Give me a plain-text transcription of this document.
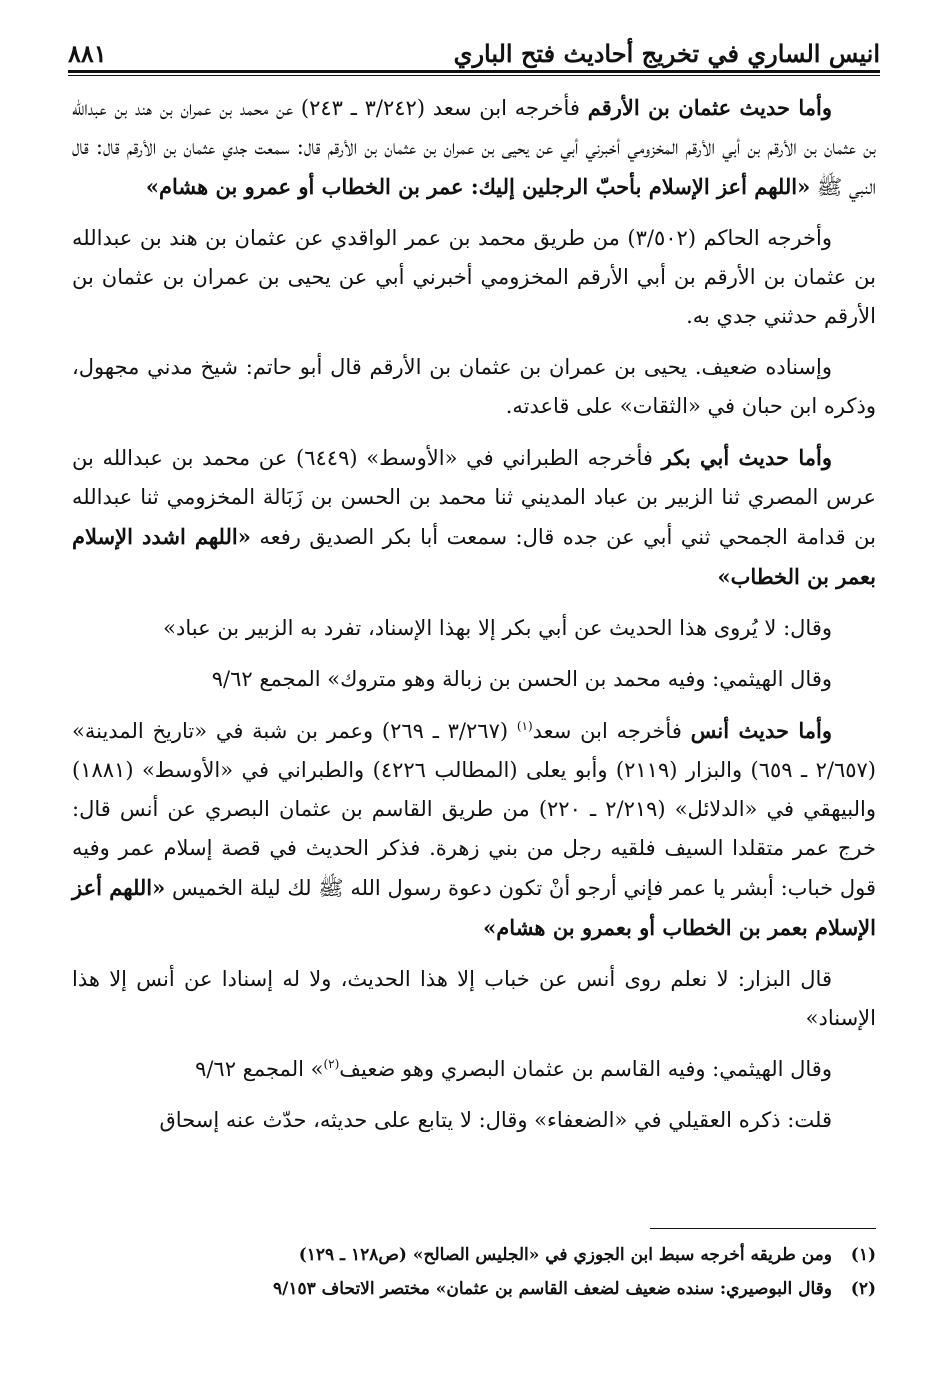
٨٨١	انيس الساري في تخريج أحاديث فتح الباري

وأما حديث عثمان بن الأرقم فأخرجه ابن سعد (٣/٢٤٢ ـ ٢٤٣) عن محمد بن عمران بن هند بن عبدالله بن عثمان بن الأرقم بن أبي الأرقم المخزومي أخبرني أبي عن يحيى بن عمران بن عثمان بن الأرقم قال: سمعت جدي عثمان بن الأرقم قال: قال النبي ﷺ «اللهم أعز الإسلام بأحبّ الرجلين إليك: عمر بن الخطاب أو عمرو بن هشام»

وأخرجه الحاكم (٣/٥٠٢) من طريق محمد بن عمر الواقدي عن عثمان بن هند بن عبدالله بن عثمان بن الأرقم بن أبي الأرقم المخزومي أخبرني أبي عن يحيى بن عمران بن عثمان بن الأرقم حدثني جدي به.

وإسناده ضعيف. يحيى بن عمران بن عثمان بن الأرقم قال أبو حاتم: شيخ مدني مجهول، وذكره ابن حبان في «الثقات» على قاعدته.

وأما حديث أبي بكر فأخرجه الطبراني في «الأوسط» (٦٤٤٩) عن محمد بن عبدالله بن عرس المصري ثنا الزبير بن عباد المديني ثنا محمد بن الحسن بن زَبَالة المخزومي ثنا عبدالله بن قدامة الجمحي ثني أبي عن جده قال: سمعت أبا بكر الصديق رفعه «اللهم اشدد الإسلام بعمر بن الخطاب»

وقال: لا يُروى هذا الحديث عن أبي بكر إلا بهذا الإسناد، تفرد به الزبير بن عباد»

وقال الهيثمي: وفيه محمد بن الحسن بن زبالة وهو متروك» المجمع ٩/٦٢

وأما حديث أنس فأخرجه ابن سعد$^{(١)}$ (٣/٢٦٧ ـ ٢٦٩) وعمر بن شبة في «تاريخ المدينة» (٢/٦٥٧ ـ ٦٥٩) والبزار (٢١١٩) وأبو يعلى (المطالب ٤٢٢٦) والطبراني في «الأوسط» (١٨٨١) والبيهقي في «الدلائل» (٢/٢١٩ ـ ٢٢٠) من طريق القاسم بن عثمان البصري عن أنس قال: خرج عمر متقلدا السيف فلقيه رجل من بني زهرة. فذكر الحديث في قصة إسلام عمر وفيه قول خباب: أبشر يا عمر فإني أرجو أنْ تكون دعوة رسول الله ﷺ لك ليلة الخميس «اللهم أعز الإسلام بعمر بن الخطاب أو بعمرو بن هشام»

قال البزار: لا نعلم روى أنس عن خباب إلا هذا الحديث، ولا له إسنادا عن أنس إلا هذا الإسناد»

وقال الهيثمي: وفيه القاسم بن عثمان البصري وهو ضعيف$^{(٢)}$» المجمع ٩/٦٢

قلت: ذكره العقيلي في «الضعفاء» وقال: لا يتابع على حديثه، حدّث عنه إسحاق

(١)
ومن طريقه أخرجه سبط ابن الجوزي في «الجليس الصالح» (ص١٢٨ ـ ١٢٩)
(٢)
وقال البوصيري: سنده ضعيف لضعف القاسم بن عثمان» مختصر الاتحاف ٩/١٥٣
